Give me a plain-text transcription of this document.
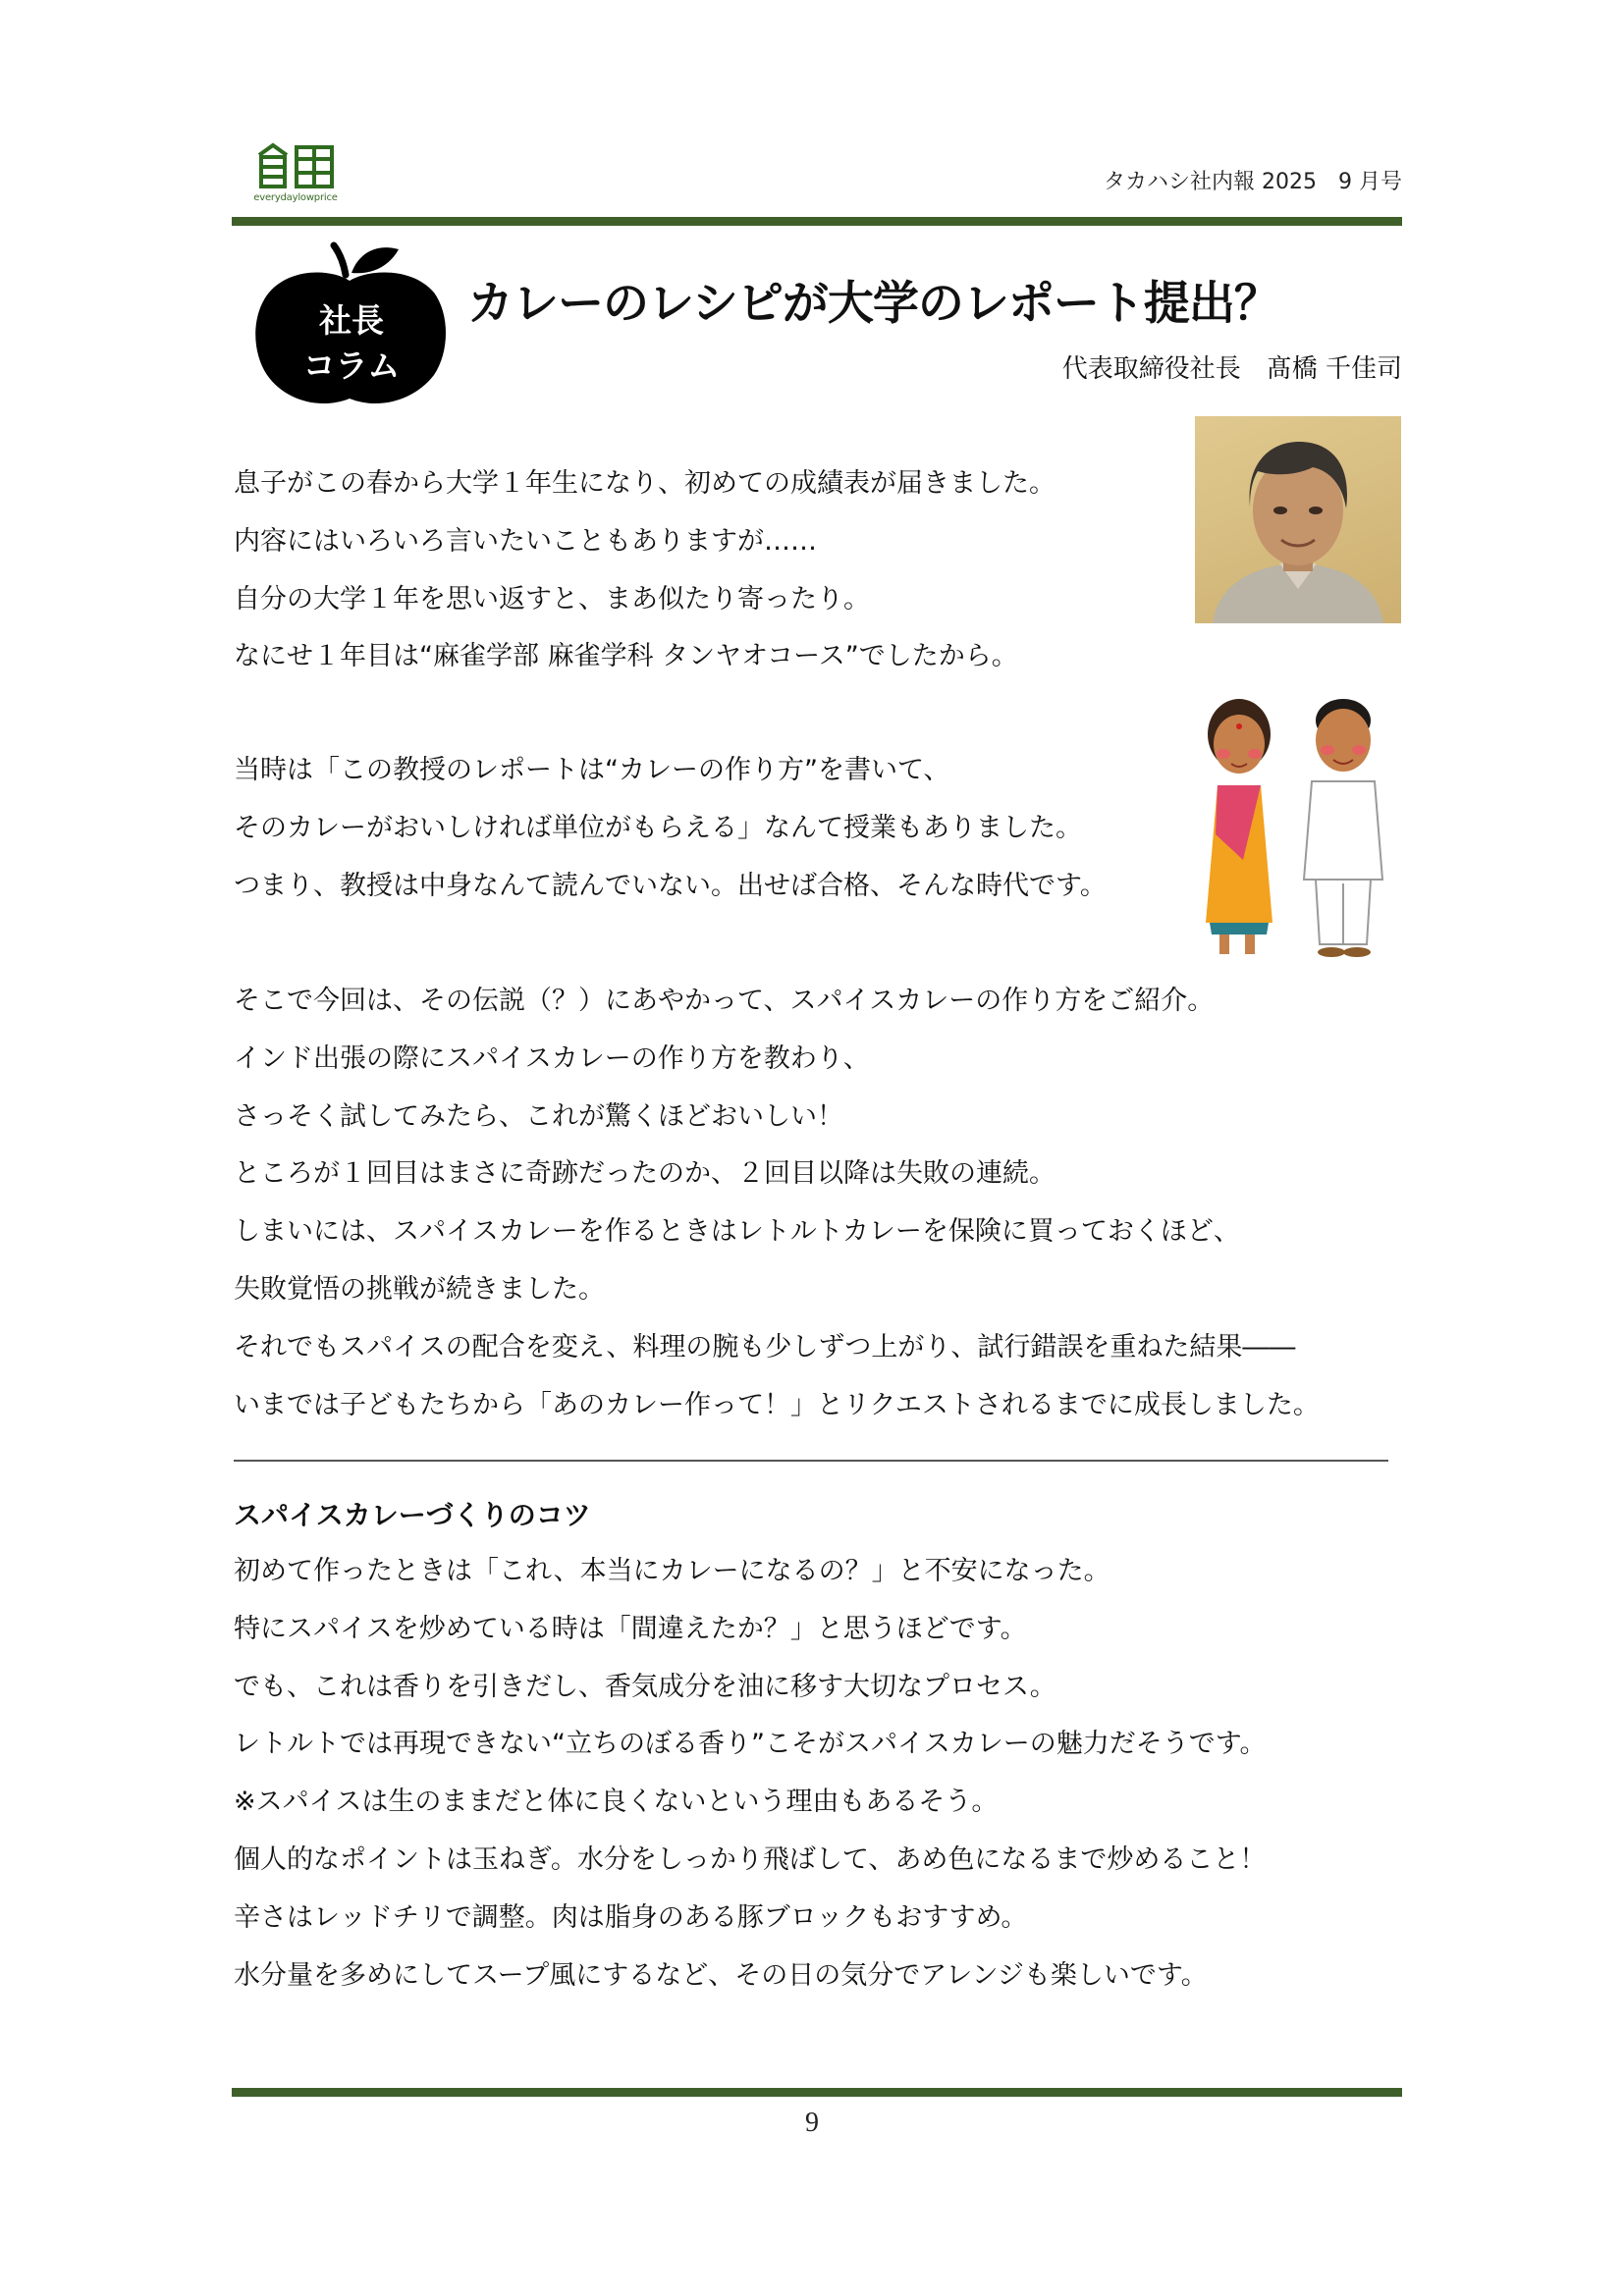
everydaylowprice
タカハシ社内報 2025　9 月号
社長
コラム
カレーのレシピが大学のレポート提出？
代表取締役社長　髙橋 千佳司
息子がこの春から大学１年生になり、初めての成績表が届きました。
内容にはいろいろ言いたいこともありますが……
自分の大学１年を思い返すと、まあ似たり寄ったり。
なにせ１年目は“麻雀学部 麻雀学科 タンヤオコース”でしたから。
当時は「この教授のレポートは“カレーの作り方”を書いて、
そのカレーがおいしければ単位がもらえる」なんて授業もありました。
つまり、教授は中身なんて読んでいない。出せば合格、そんな時代です。
そこで今回は、その伝説（？）にあやかって、スパイスカレーの作り方をご紹介。
インド出張の際にスパイスカレーの作り方を教わり、
さっそく試してみたら、これが驚くほどおいしい！
ところが１回目はまさに奇跡だったのか、２回目以降は失敗の連続。
しまいには、スパイスカレーを作るときはレトルトカレーを保険に買っておくほど、
失敗覚悟の挑戦が続きました。
それでもスパイスの配合を変え、料理の腕も少しずつ上がり、試行錯誤を重ねた結果――
いまでは子どもたちから「あのカレー作って！」とリクエストされるまでに成長しました。
スパイスカレーづくりのコツ
初めて作ったときは「これ、本当にカレーになるの？」と不安になった。
特にスパイスを炒めている時は「間違えたか？」と思うほどです。
でも、これは香りを引きだし、香気成分を油に移す大切なプロセス。
レトルトでは再現できない“立ちのぼる香り”こそがスパイスカレーの魅力だそうです。
※スパイスは生のままだと体に良くないという理由もあるそう。
個人的なポイントは玉ねぎ。水分をしっかり飛ばして、あめ色になるまで炒めること！
辛さはレッドチリで調整。肉は脂身のある豚ブロックもおすすめ。
水分量を多めにしてスープ風にするなど、その日の気分でアレンジも楽しいです。
9
